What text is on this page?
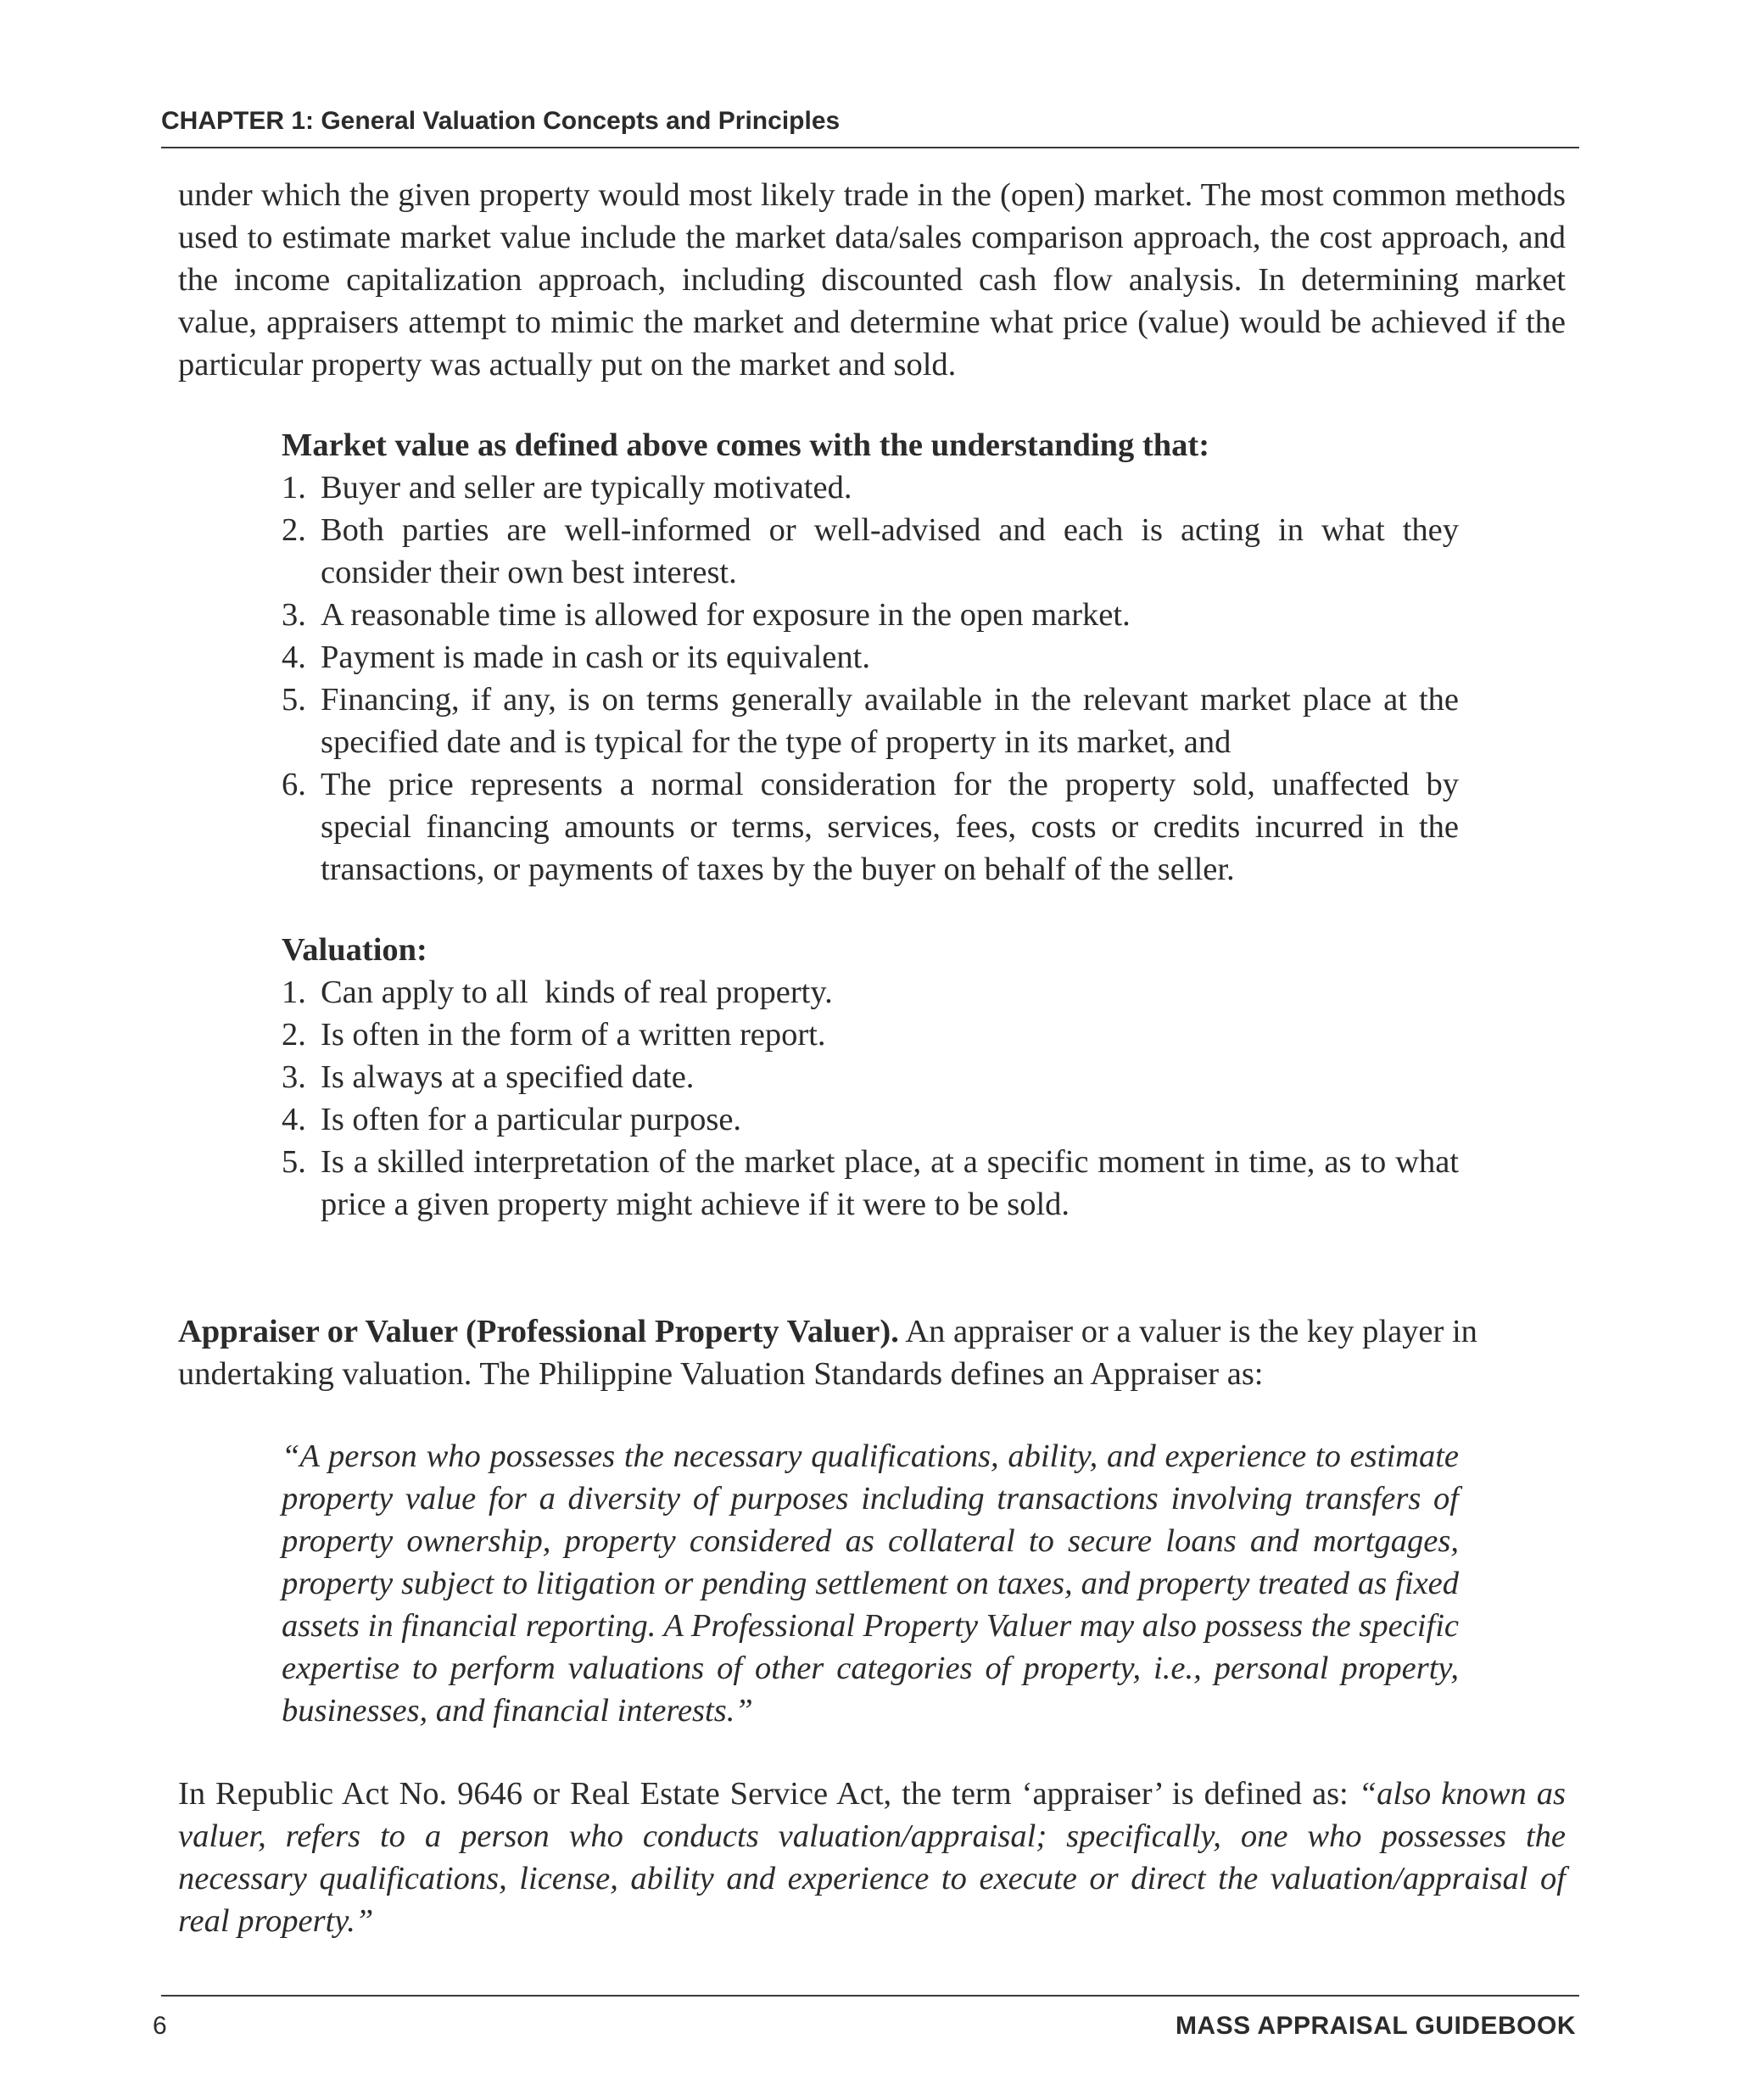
CHAPTER 1: General Valuation Concepts and Principles

under which the given property would most likely trade in the (open) market. The most common methods used to estimate market value include the market data/sales comparison approach, the cost approach, and the income capitalization approach, including discounted cash flow analysis. In determining market value, appraisers attempt to mimic the market and determine what price (value) would be achieved if the particular property was actually put on the market and sold.

Market value as defined above comes with the understanding that:

1. Buyer and seller are typically motivated.
2. Both parties are well-informed or well-advised and each is acting in what they consider their own best interest.
3. A reasonable time is allowed for exposure in the open market.
4. Payment is made in cash or its equivalent.
5. Financing, if any, is on terms generally available in the relevant market place at the specified date and is typical for the type of property in its market, and
6. The price represents a normal consideration for the property sold, unaffected by special financing amounts or terms, services, fees, costs or credits incurred in the transactions, or payments of taxes by the buyer on behalf of the seller.

Valuation:

1. Can apply to all  kinds of real property.
2. Is often in the form of a written report.
3. Is always at a specified date.
4. Is often for a particular purpose.
5. Is a skilled interpretation of the market place, at a specific moment in time, as to what price a given property might achieve if it were to be sold.

Appraiser or Valuer (Professional Property Valuer). An appraiser or a valuer is the key player in undertaking valuation. The Philippine Valuation Standards defines an Appraiser as:

“A person who possesses the necessary qualifications, ability, and experience to estimate property value for a diversity of purposes including transactions involving transfers of property ownership, property considered as collateral to secure loans and mortgages, property subject to litigation or pending settlement on taxes, and property treated as fixed assets in financial reporting. A Professional Property Valuer may also possess the specific expertise to perform valuations of other categories of property, i.e., personal property, businesses, and financial interests.”

In Republic Act No. 9646 or Real Estate Service Act, the term ‘appraiser’ is defined as: “also known as valuer, refers to a person who conducts valuation/appraisal; specifically, one who possesses the necessary qualifications, license, ability and experience to execute or direct the valuation/appraisal of real property.”

6	MASS APPRAISAL GUIDEBOOK
